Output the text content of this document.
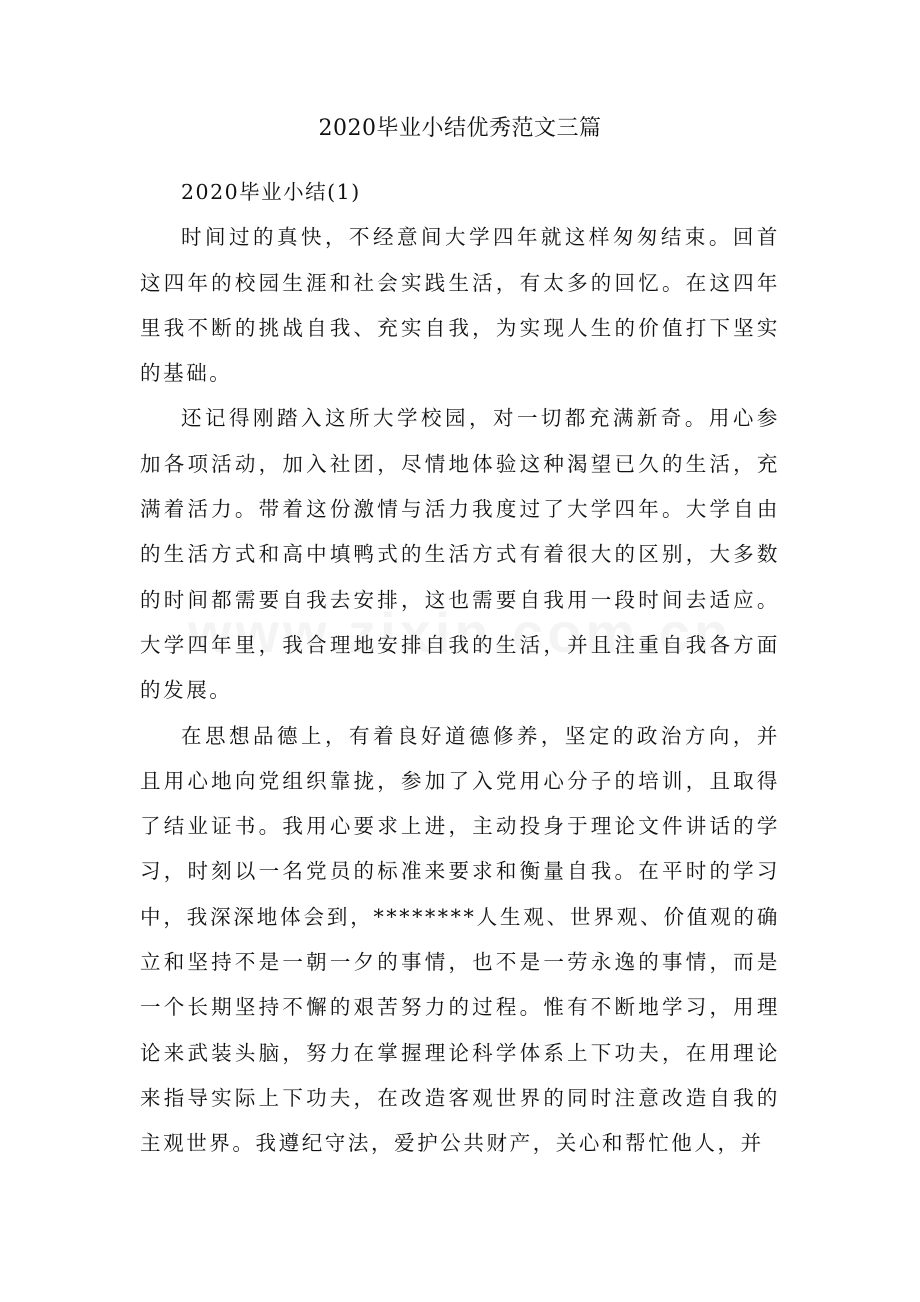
2020毕业小结优秀范文三篇
2020毕业小结(1)

时间过的真快，不经意间大学四年就这样匆匆结束。回首这四年的校园生涯和社会实践生活，有太多的回忆。在这四年里我不断的挑战自我、充实自我，为实现人生的价值打下坚实的基础。

还记得刚踏入这所大学校园，对一切都充满新奇。用心参加各项活动，加入社团，尽情地体验这种渴望已久的生活，充满着活力。带着这份激情与活力我度过了大学四年。大学自由的生活方式和高中填鸭式的生活方式有着很大的区别，大多数的时间都需要自我去安排，这也需要自我用一段时间去适应。大学四年里，我合理地安排自我的生活，并且注重自我各方面的发展。

在思想品德上，有着良好道德修养，坚定的政治方向，并且用心地向党组织靠拢，参加了入党用心分子的培训，且取得了结业证书。我用心要求上进，主动投身于理论文件讲话的学习，时刻以一名党员的标准来要求和衡量自我。在平时的学习中，我深深地体会到，********人生观、世界观、价值观的确立和坚持不是一朝一夕的事情，也不是一劳永逸的事情，而是一个长期坚持不懈的艰苦努力的过程。惟有不断地学习，用理论来武装头脑，努力在掌握理论科学体系上下功夫，在用理论来指导实际上下功夫，在改造客观世界的同时注意改造自我的主观世界。我遵纪守法，爱护公共财产，关心和帮忙他人，并
